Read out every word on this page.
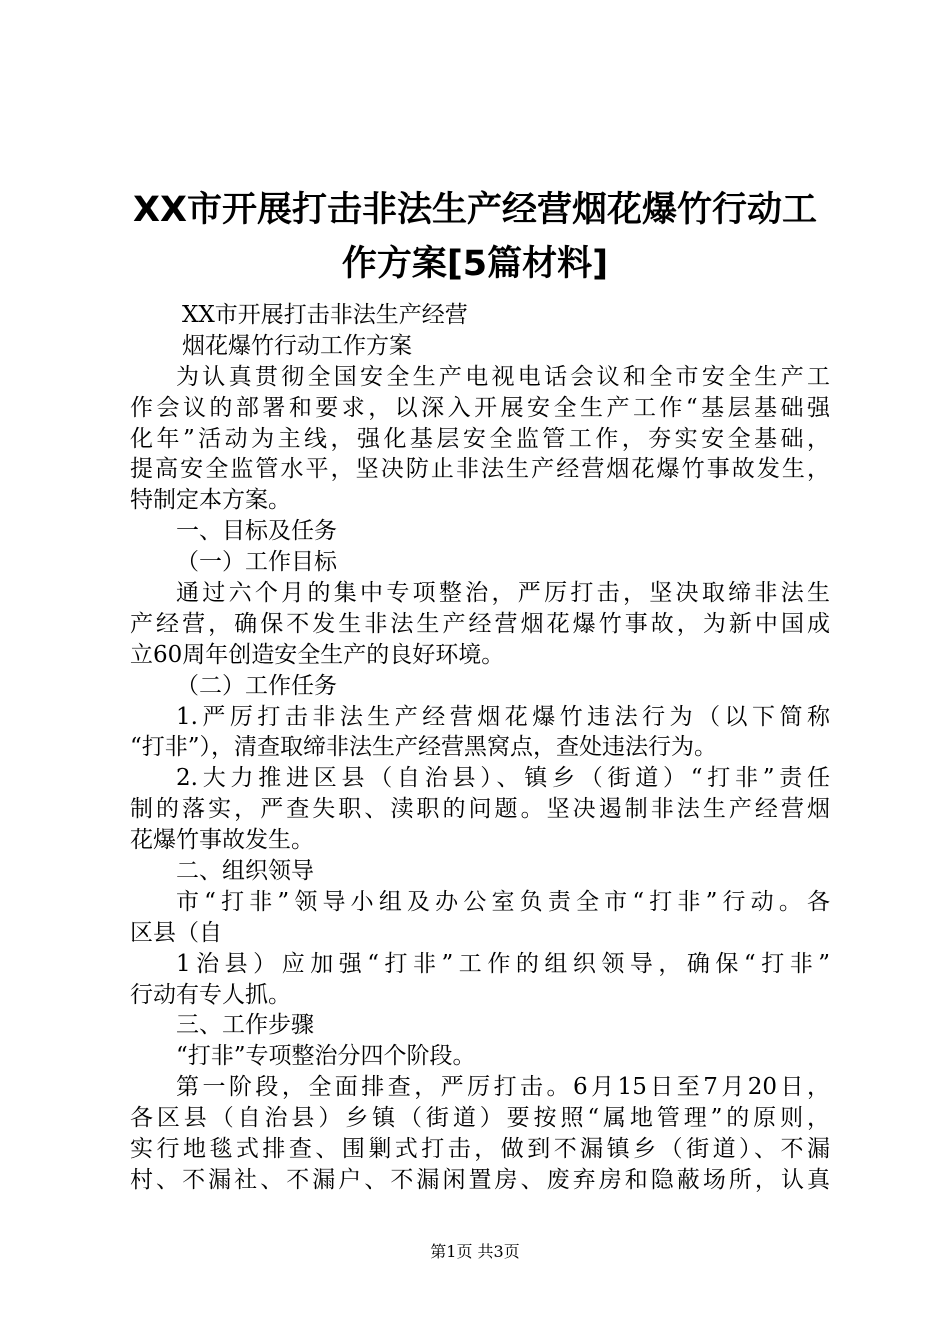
XX市开展打击非法生产经营烟花爆竹行动工
作方案[5篇材料]
XX市开展打击非法生产经营
烟花爆竹行动工作方案
为认真贯彻全国安全生产电视电话会议和全市安全生产工
作会议的部署和要求，以深入开展安全生产工作“基层基础强
化年”活动为主线，强化基层安全监管工作，夯实安全基础，
提高安全监管水平，坚决防止非法生产经营烟花爆竹事故发生，
特制定本方案。
一、目标及任务
（一）工作目标
通过六个月的集中专项整治，严厉打击，坚决取缔非法生
产经营，确保不发生非法生产经营烟花爆竹事故，为新中国成
立60周年创造安全生产的良好环境。
（二）工作任务
1.严厉打击非法生产经营烟花爆竹违法行为（以下简称
“打非”），清查取缔非法生产经营黑窝点，查处违法行为。
2.大力推进区县（自治县）、镇乡（街道）“打非”责任
制的落实，严查失职、渎职的问题。坚决遏制非法生产经营烟
花爆竹事故发生。
二、组织领导
市“打非”领导小组及办公室负责全市“打非”行动。各
区县（自
1治县）应加强“打非”工作的组织领导，确保“打非”
行动有专人抓。
三、工作步骤
“打非”专项整治分四个阶段。
第一阶段，全面排查，严厉打击。6月15日至7月20日，
各区县（自治县）乡镇（街道）要按照“属地管理”的原则，
实行地毯式排查、围剿式打击，做到不漏镇乡（街道）、不漏
村、不漏社、不漏户、不漏闲置房、废弃房和隐蔽场所，认真
第1页 共3页
